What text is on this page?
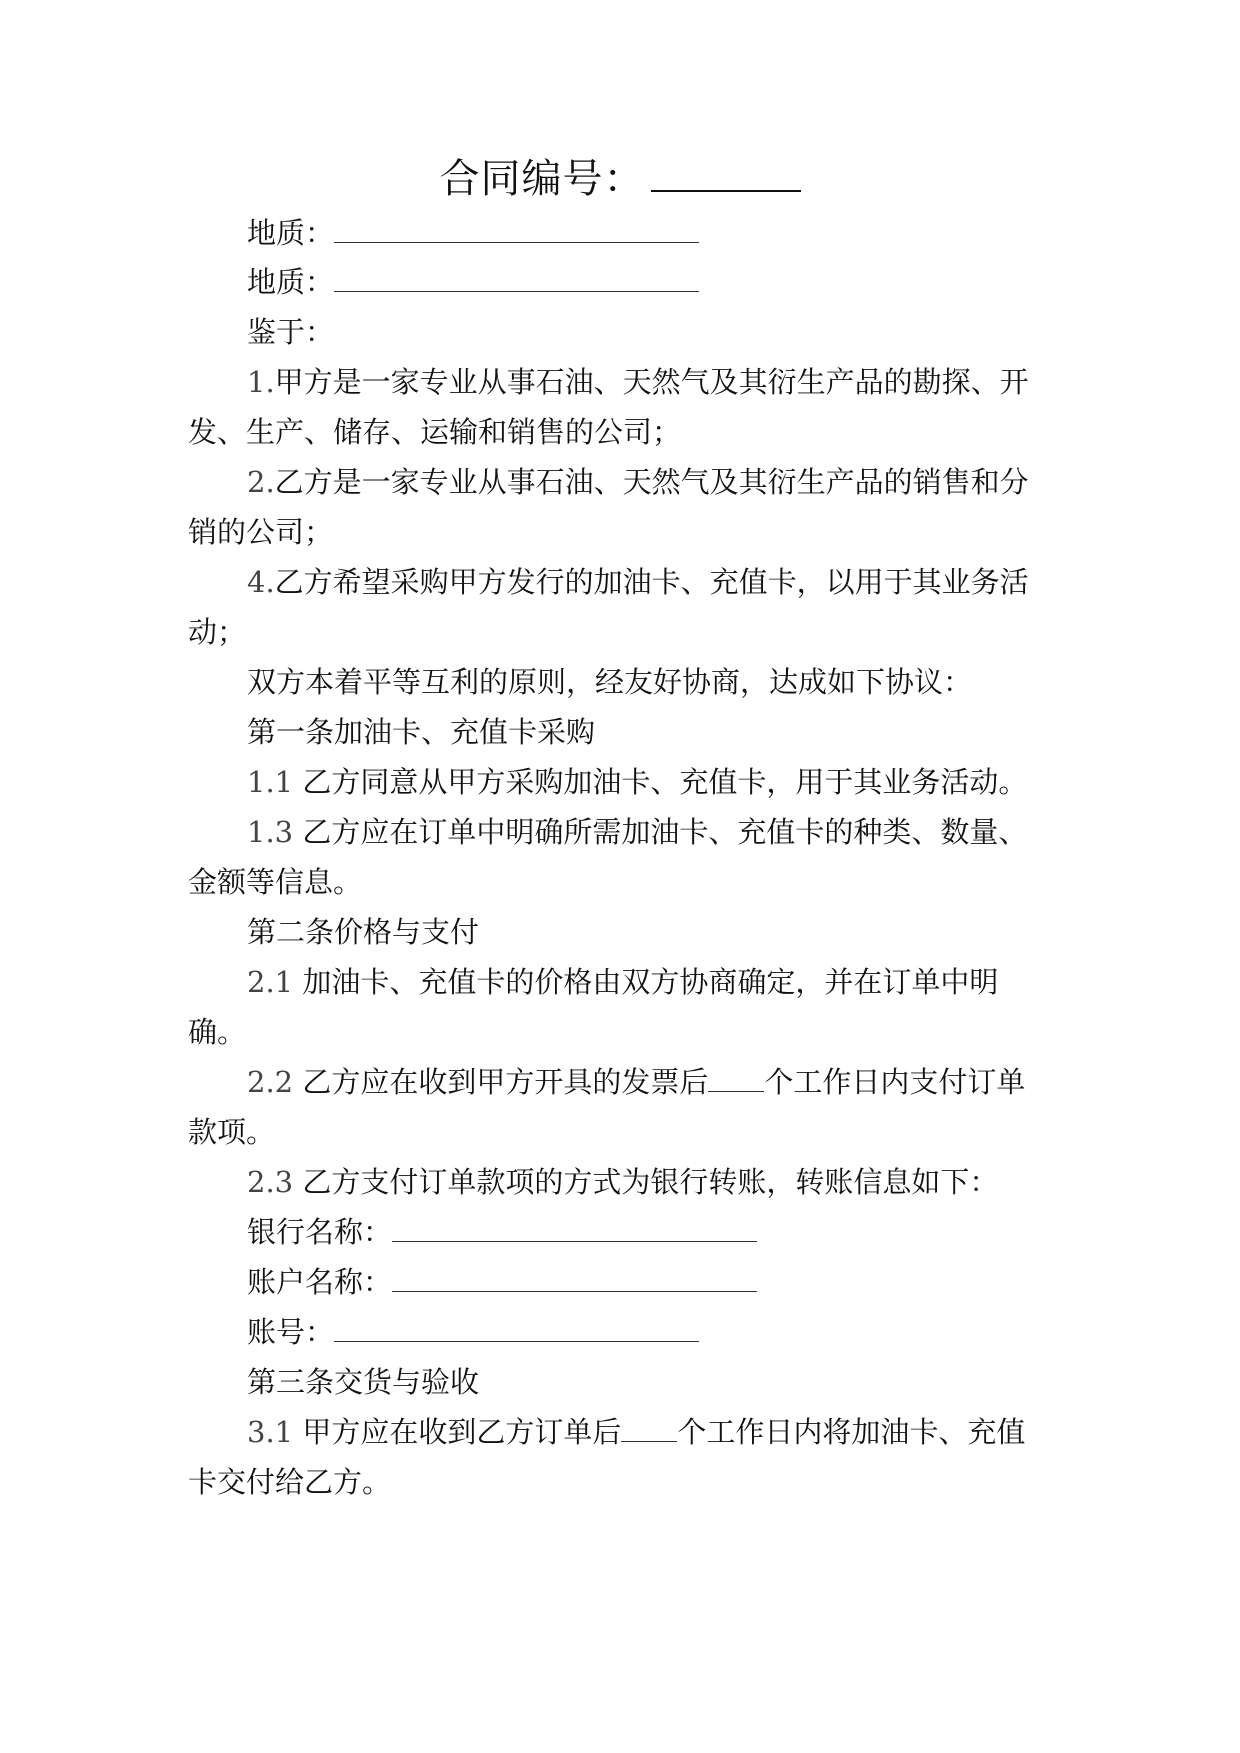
合同编号：
地质：
地质：
鉴于：
1.甲方是一家专业从事石油、天然气及其衍生产品的勘探、开
发、生产、储存、运输和销售的公司；
2.乙方是一家专业从事石油、天然气及其衍生产品的销售和分
销的公司；
4.乙方希望采购甲方发行的加油卡、充值卡，以用于其业务活
动；
双方本着平等互利的原则，经友好协商，达成如下协议：
第一条加油卡、充值卡采购
1.1 乙方同意从甲方采购加油卡、充值卡，用于其业务活动。
1.3 乙方应在订单中明确所需加油卡、充值卡的种类、数量、
金额等信息。
第二条价格与支付
2.1 加油卡、充值卡的价格由双方协商确定，并在订单中明
确。
2.2 乙方应在收到甲方开具的发票后 个工作日内支付订单
款项。
2.3 乙方支付订单款项的方式为银行转账，转账信息如下：
银行名称：
账户名称：
账号：
第三条交货与验收
3.1 甲方应在收到乙方订单后 个工作日内将加油卡、充值
卡交付给乙方。
